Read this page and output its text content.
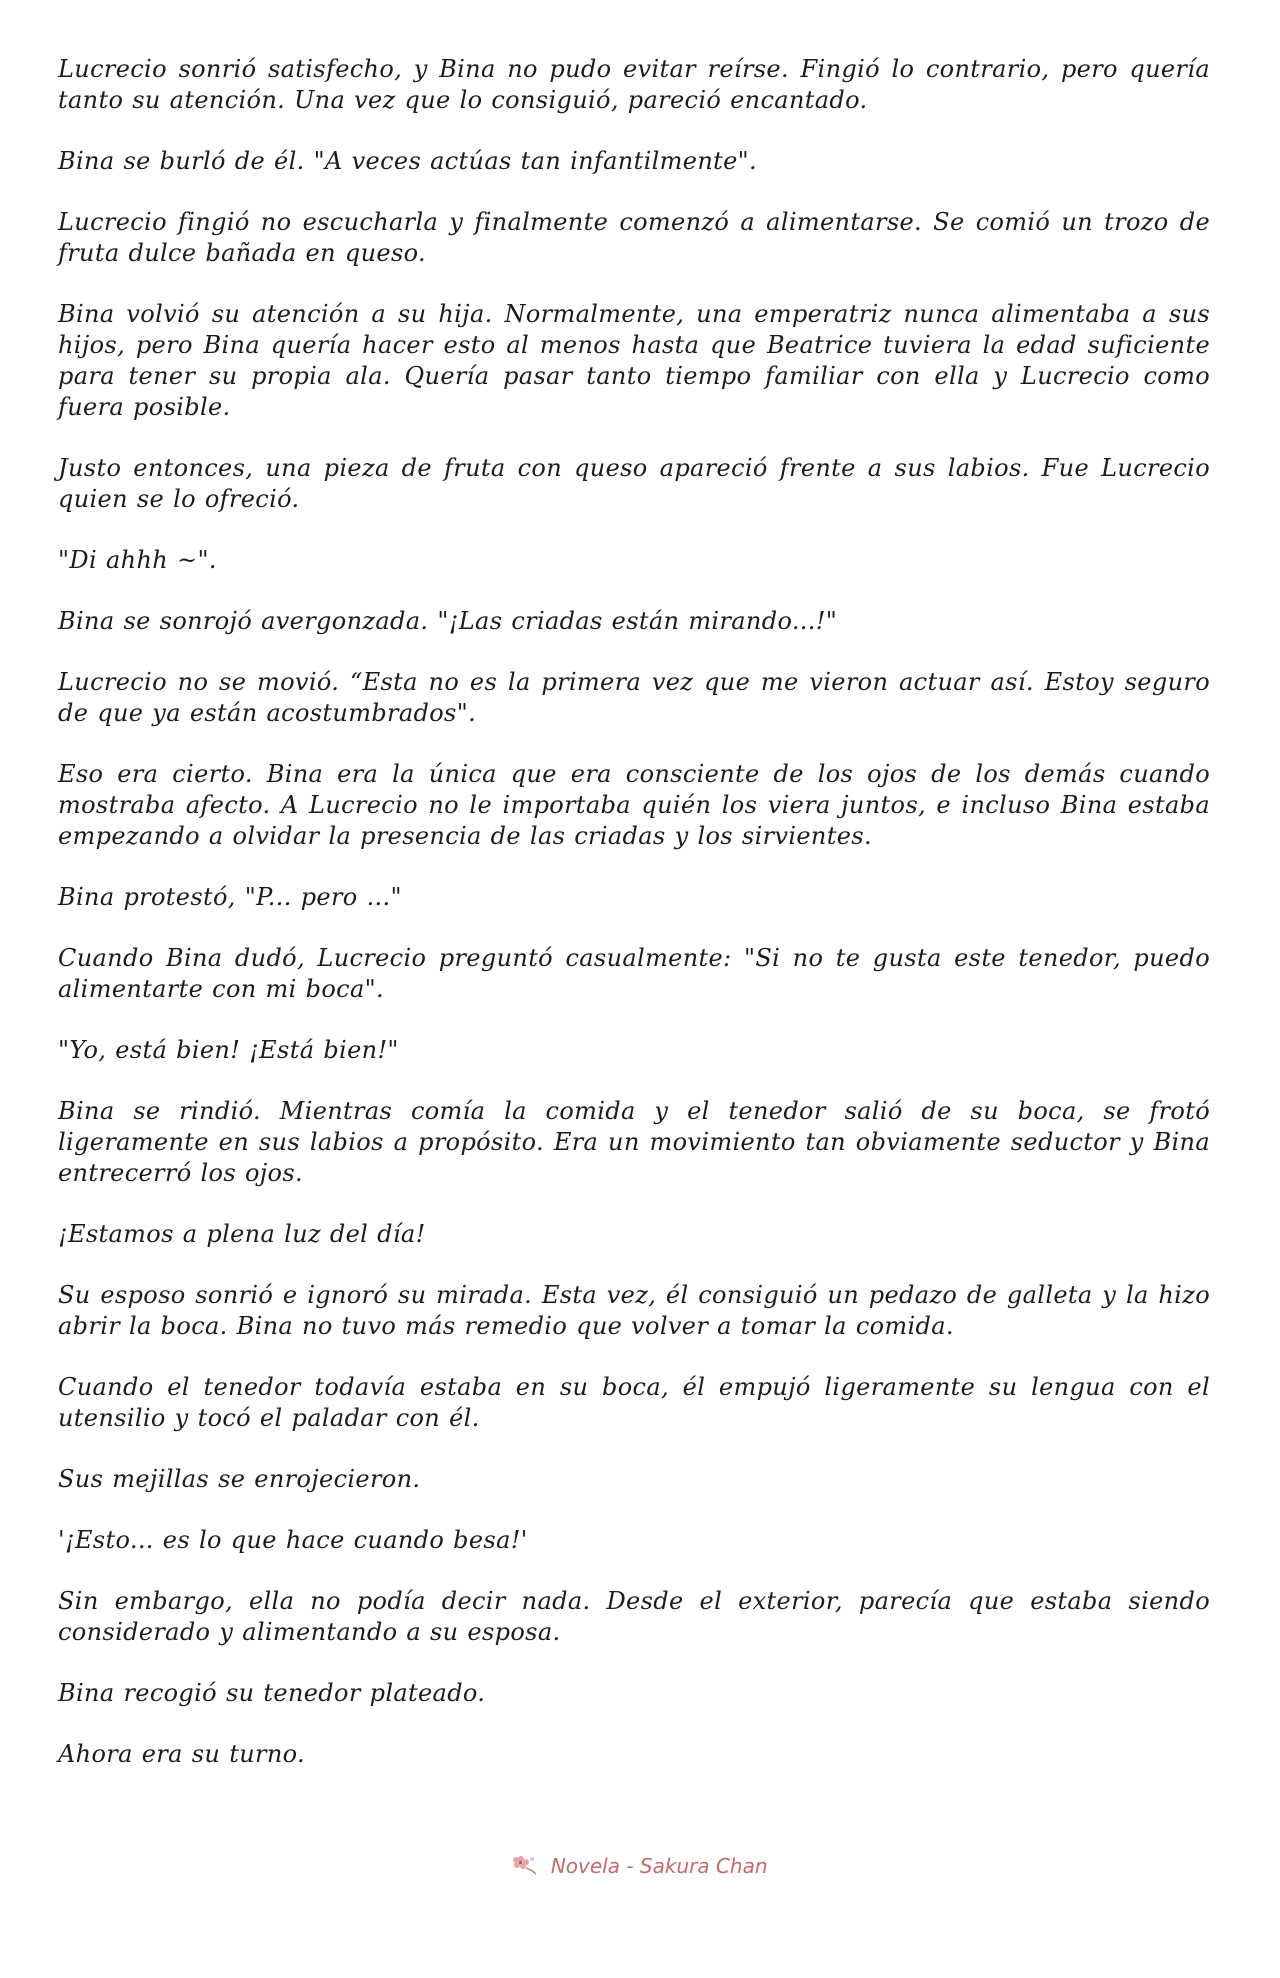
Lucrecio sonrió satisfecho, y Bina no pudo evitar reírse. Fingió lo contrario, pero quería tanto su atención. Una vez que lo consiguió, pareció encantado.

Bina se burló de él. "A veces actúas tan infantilmente".

Lucrecio fingió no escucharla y finalmente comenzó a alimentarse. Se comió un trozo de fruta dulce bañada en queso.

Bina volvió su atención a su hija. Normalmente, una emperatriz nunca alimentaba a sus hijos, pero Bina quería hacer esto al menos hasta que Beatrice tuviera la edad suficiente para tener su propia ala. Quería pasar tanto tiempo familiar con ella y Lucrecio como fuera posible.

Justo entonces, una pieza de fruta con queso apareció frente a sus labios. Fue Lucrecio quien se lo ofreció.

"Di ahhh ~".

Bina se sonrojó avergonzada. "¡Las criadas están mirando...!"

Lucrecio no se movió. “Esta no es la primera vez que me vieron actuar así. Estoy seguro de que ya están acostumbrados".

Eso era cierto. Bina era la única que era consciente de los ojos de los demás cuando mostraba afecto. A Lucrecio no le importaba quién los viera juntos, e incluso Bina estaba empezando a olvidar la presencia de las criadas y los sirvientes.

Bina protestó, "P... pero ..."

Cuando Bina dudó, Lucrecio preguntó casualmente: "Si no te gusta este tenedor, puedo alimentarte con mi boca".

"Yo, está bien! ¡Está bien!"

Bina se rindió. Mientras comía la comida y el tenedor salió de su boca, se frotó ligeramente en sus labios a propósito. Era un movimiento tan obviamente seductor y Bina entrecerró los ojos.

¡Estamos a plena luz del día!

Su esposo sonrió e ignoró su mirada. Esta vez, él consiguió un pedazo de galleta y la hizo abrir la boca. Bina no tuvo más remedio que volver a tomar la comida.

Cuando el tenedor todavía estaba en su boca, él empujó ligeramente su lengua con el utensilio y tocó el paladar con él.

Sus mejillas se enrojecieron.

'¡Esto... es lo que hace cuando besa!'

Sin embargo, ella no podía decir nada. Desde el exterior, parecía que estaba siendo considerado y alimentando a su esposa.

Bina recogió su tenedor plateado.

Ahora era su turno.

Novela - Sakura Chan
